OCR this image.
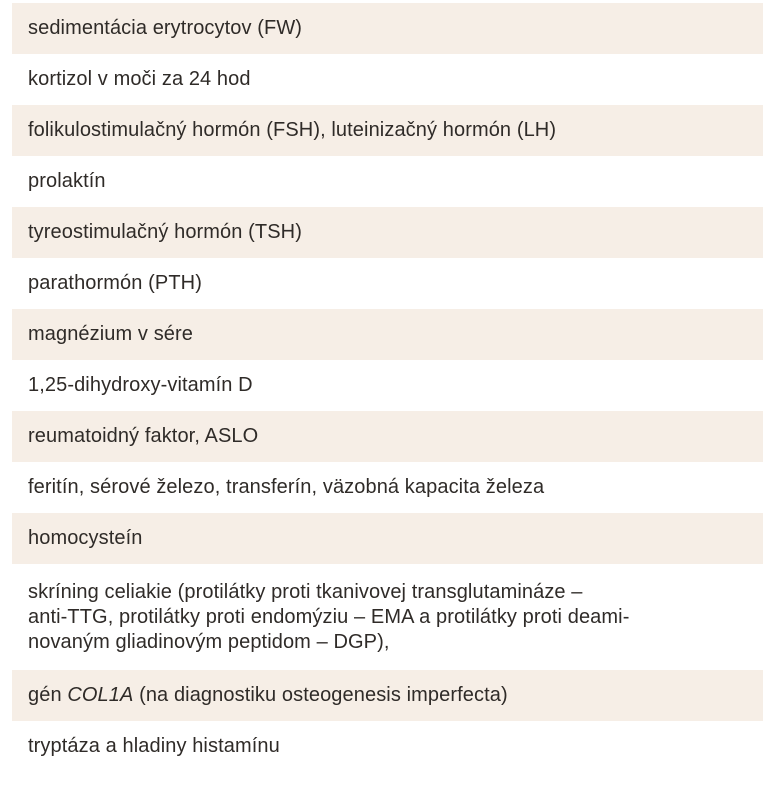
sedimentácia erytrocytov (FW)
kortizol v moči za 24 hod
folikulostimulačný hormón (FSH), luteinizačný hormón (LH)
prolaktín
tyreostimulačný hormón (TSH)
parathormón (PTH)
magnézium v sére
1,25-dihydroxy-vitamín D
reumatoidný faktor, ASLO
feritín, sérové železo, transferín, väzobná kapacita železa
homocysteín
skríning celiakie (protilátky proti tkanivovej transglutamináze –
anti-TTG, protilátky proti endomýziu – EMA a protilátky proti deami-
novaným gliadinovým peptidom – DGP),
gén COL1A (na diagnostiku osteogenesis imperfecta)
tryptáza a hladiny histamínu
